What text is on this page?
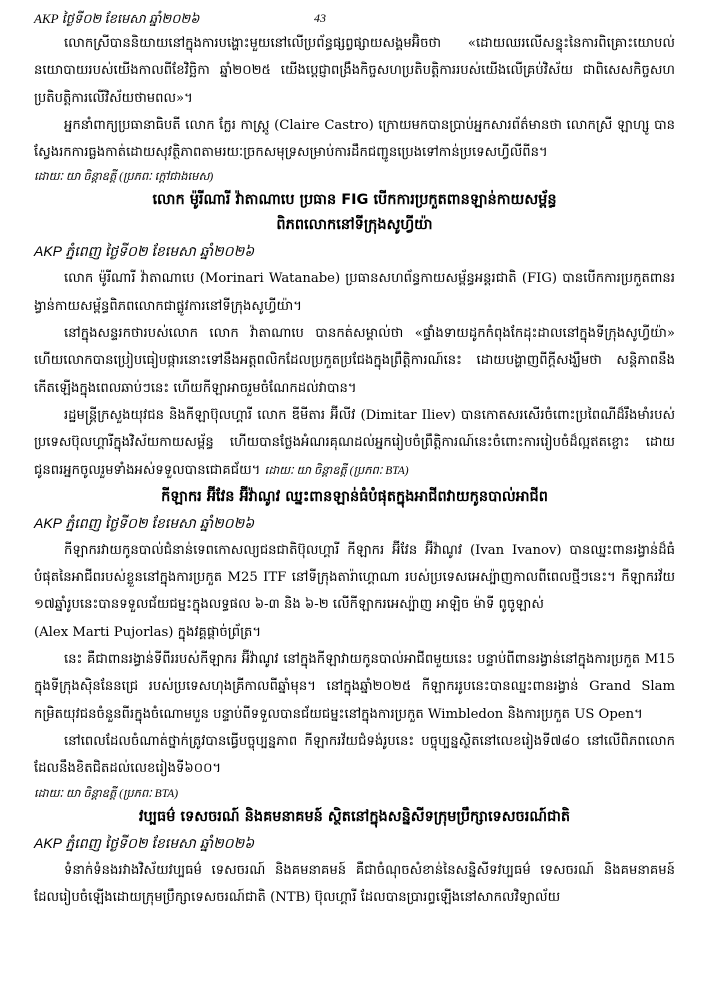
AKP ថ្ងៃទី០២ ខែមេសា ឆ្នាំ២០២៦	43

លោកស្រីបាននិយាយនៅក្នុងការបង្ហោះមួយនៅលើប្រព័ន្ធផ្សព្វផ្សាយសង្គមអ៊ិចថា «ដោយឈរលើសន្ទុះនៃការពិគ្រោះយោបល់នយោបាយរបស់យើងកាលពីខែវិច្ឆិកា ឆ្នាំ២០២៥ យើងប្តេជ្ញាពង្រឹងកិច្ចសហប្រតិបត្តិការរបស់យើងលើគ្រប់វិស័យ ជាពិសេសកិច្ចសហប្រតិបត្តិការលើវិស័យថាមពល»។

អ្នកនាំពាក្យប្រធានាធិបតី លោក ក្លែរ កាស្ត្រូ (Claire Castro) ក្រោយមកបានប្រាប់អ្នកសារព័ត៌មានថា លោកស្រី ឡាហ្សូ បានស្វែងរកការធ្លងកាត់ដោយសុវត្ថិភាពតាមរយៈច្រកសមុទ្រសម្រាប់ការដឹកជញ្ជូនប្រេងទៅកាន់ប្រទេសហ្វីលីពីន។

ដោយៈ យា ចិន្តាឧត្តី (ប្រភពៈ ក្តៅជាងមេស)
លោក ម៉ូរីណារី វ៉ាតាណាបេ ប្រធាន FIG បើកការប្រកួតពានឡាន់កាយសម្ព័ន្ធ
ពិភពលោកនៅទីក្រុងសូហ្វីយ៉ា
AKP ភ្នំពេញ ថ្ងៃទី០២ ខែមេសា ឆ្នាំ២០២៦

លោក ម៉ូរីណារី វ៉ាតាណាបេ (Morinari Watanabe) ប្រធានសហព័ន្ធកាយសម្ព័ន្ធអន្តរជាតិ (FIG) បានបើកការប្រកួតពានរង្វាន់កាយសម្ព័ន្ធពិភពលោកជាផ្លូវការនៅទីក្រុងសូហ្វីយ៉ា។

នៅក្នុងសន្ទរកថារបស់លោក លោក វ៉ាតាណាបេ បានកត់សម្គាល់ថា «ផ្ទាំងទាយដូកកំពុងកែដុះដាលនៅក្នុងទីក្រុងសូហ្វីយ៉ា» ហើយលោកបានប្រៀបធៀបផ្ការនោះទៅនឹងអត្តពលិកដែលប្រកួតប្រជែងក្នុងព្រឹត្តិការណ៍នេះ ដោយបង្ហាញពីក្តីសង្ឃឹមថា សន្តិភាពនឹងកើតឡើងក្នុងពេលឆាប់ៗនេះ ហើយកីឡាអាចរួមចំណែកដល់វាបាន។

រដ្ឋមន្ត្រីក្រសួងយុវជន និងកីឡាប៊ុលហ្គារី លោក ឌីមីតារ អ៊ីលីវ (Dimitar Iliev) បានកោតសរសើរចំពោះប្រពៃណីដ៏រឹងមាំរបស់ប្រទេសប៊ុលហ្គារីក្នុងវិស័យកាយសម្ព័ន្ធ ហើយបានថ្លែងអំណរគុណដល់អ្នករៀបចំព្រឹត្តិការណ៍នេះចំពោះការរៀបចំដ៏ល្អឥតខ្ចោះ ដោយជូនពរអ្នកចូលរួមទាំងអស់ទទួលបានជោគជ័យ។ ដោយៈ យា ចិន្តាឧត្តី (ប្រភពៈ BTA)

កីឡាករ អ៊ីវែន អ៊ីវ៉ាណូវ ឈ្នះពានឡាន់ធំបំផុតក្នុងអាជីពវាយកូនបាល់អាជីព
AKP ភ្នំពេញ ថ្ងៃទី០២ ខែមេសា ឆ្នាំ២០២៦

កីឡាករវាយកូនបាល់ជំនាន់ទេពកោសល្យជនជាតិប៊ុលហ្គារី កីឡាករ អ៊ីវែន អ៊ីវ៉ាណូវ (Ivan Ivanov) បានឈ្នះពានរង្វាន់ដ៏ធំបំផុតនៃអាជីពរបស់ខ្លួននៅក្នុងការប្រកួត M25 ITF នៅទីក្រុងតារ៉ាហ្គោណា របស់ប្រទេសអេស្ប៉ាញកាលពីពេលថ្មីៗនេះ។ កីឡាករវ័យ ១៧ឆ្នាំរូបនេះបានទទួលជ័យជម្នះក្នុងលទ្ធផល ៦-៣ និង ៦-២ លើកីឡាករអេស្ប៉ាញ អាឡិច ម៉ាទី ពូចូឡាស់
(Alex Marti Pujorlas) ក្នុងវគ្គផ្តាច់ព្រ័ត្រ។

នេះ គឺជាពានរង្វាន់ទីពីររបស់កីឡាករ អ៊ីវ៉ាណូវ នៅក្នុងកីឡាវាយកូនបាល់អាជីពមួយនេះ បន្ទាប់ពីពានរង្វាន់នៅក្នុងការប្រកួត M15 ក្នុងទីក្រុងស៊ិននែនជ្រេ របស់ប្រទេសហុងគ្រីកាលពីឆ្នាំមុន។ នៅក្នុងឆ្នាំ២០២៥ កីឡាកររូបនេះបានឈ្នះពានរង្វាន់ Grand Slam កម្រិតយុវជនចំនួនពីរក្នុងចំណោមបួន បន្ទាប់ពីទទួលបានជ័យជម្នះនៅក្នុងការប្រកួត Wimbledon និងការប្រកួត US Open។

នៅពេលដែលចំណាត់ថ្នាក់ត្រូវបានធ្វើបច្ចុប្បន្នភាព កីឡាករវ័យជំទង់រូបនេះ បច្ចុប្បន្នស្ថិតនៅលេខរៀងទី៧៨០ នៅលើពិភពលោក ដែលនឹងខិតជិតដល់លេខរៀងទី៦០០។

ដោយៈ យា ចិន្តាឧត្តី (ប្រភពៈ BTA)
វប្បធម៌ ទេសចរណ៍ និងគមនាគមន៍ ស្ថិតនៅក្នុងសន្និសីទក្រុមប្រឹក្សាទេសចរណ៍ជាតិ
AKP ភ្នំពេញ ថ្ងៃទី០២ ខែមេសា ឆ្នាំ២០២៦

ទំនាក់ទំនងរវាងវិស័យវប្បធម៌ ទេសចរណ៍ និងគមនាគមន៍ គឺជាចំណុចសំខាន់នៃសន្និសីទវប្បធម៌ ទេសចរណ៍ និងគមនាគមន៍ ដែលរៀបចំឡើងដោយក្រុមប្រឹក្សាទេសចរណ៍ជាតិ (NTB) ប៊ុលហ្គារី ដែលបានប្រារព្ធឡើងនៅសាកលវិទ្យាល័យ
